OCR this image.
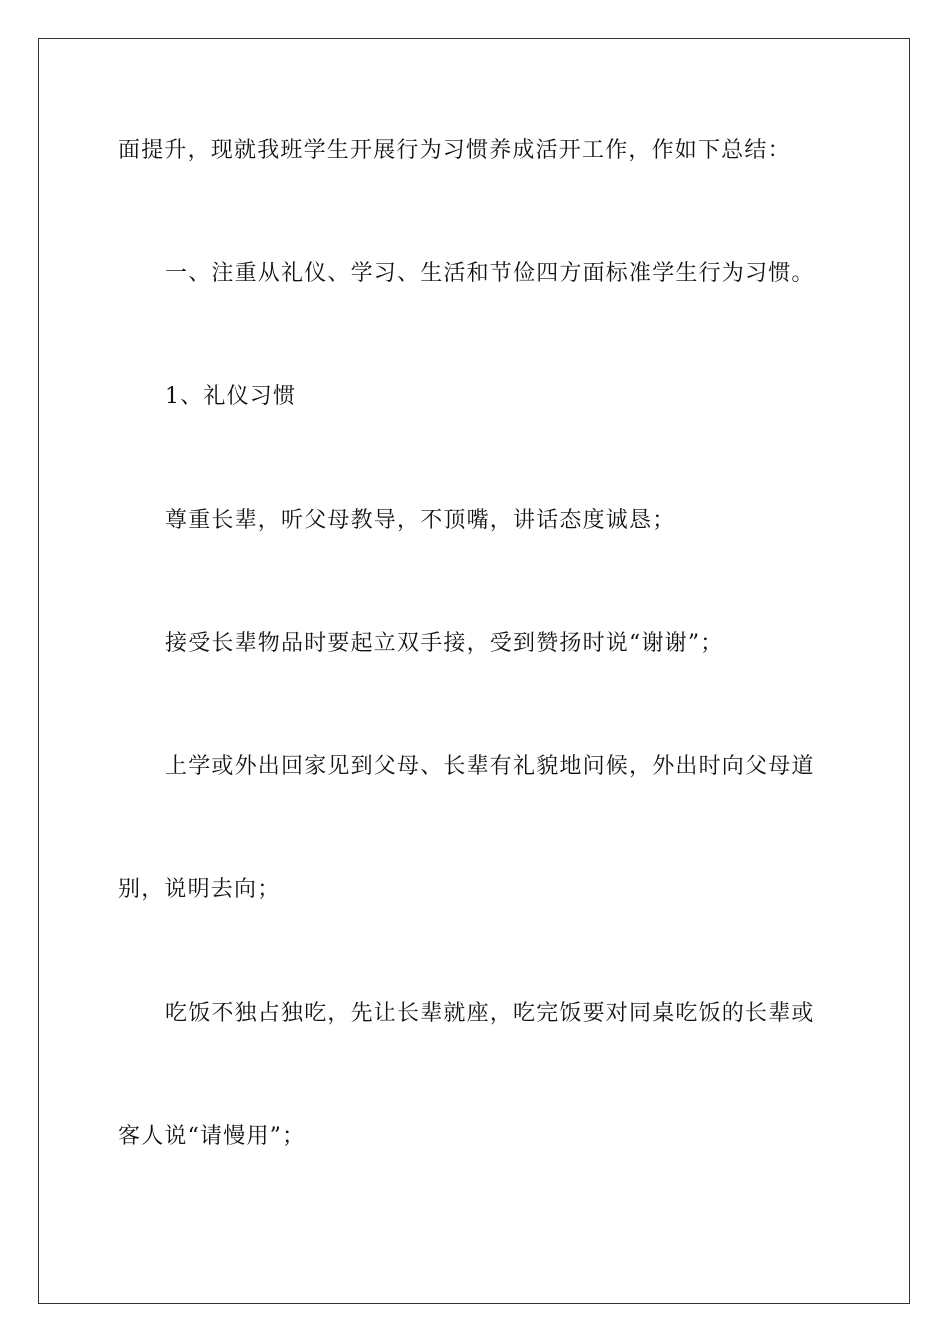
面提升，现就我班学生开展行为习惯养成活开工作，作如下总结：
一、注重从礼仪、学习、生活和节俭四方面标准学生行为习惯。
1、礼仪习惯
尊重长辈，听父母教导，不顶嘴，讲话态度诚恳；
接受长辈物品时要起立双手接，受到赞扬时说“谢谢”；
上学或外出回家见到父母、长辈有礼貌地问候，外出时向父母道
别，说明去向；
吃饭不独占独吃，先让长辈就座，吃完饭要对同桌吃饭的长辈或
客人说“请慢用”；
